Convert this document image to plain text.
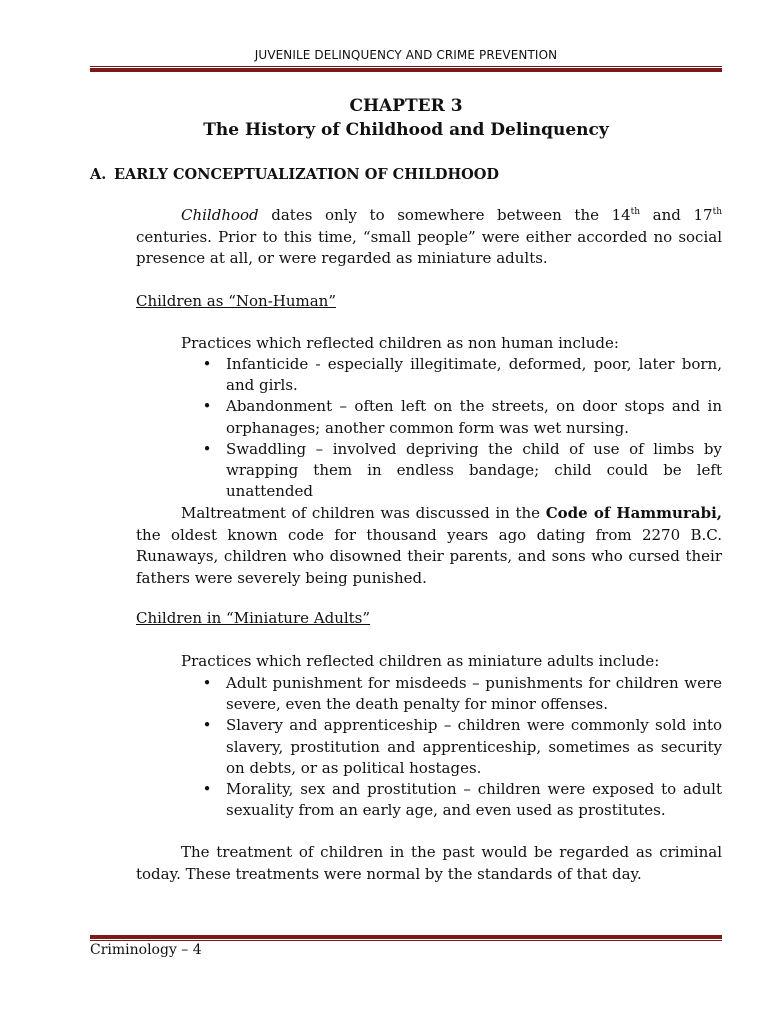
JUVENILE DELINQUENCY AND CRIME PREVENTION
CHAPTER 3
The History of Childhood and Delinquency
A. EARLY CONCEPTUALIZATION OF CHILDHOOD

Childhood dates only to somewhere between the 14th and 17th centuries. Prior to this time, “small people” were either accorded no social presence at all, or were regarded as miniature adults.

Children as “Non-Human”
Practices which reflected children as non human include:
• Infanticide - especially illegitimate, deformed, poor, later born, and girls.
• Abandonment – often left on the streets, on door stops and in orphanages; another common form was wet nursing.
• Swaddling – involved depriving the child of use of limbs by wrapping them in endless bandage; child could be left unattended

Maltreatment of children was discussed in the Code of Hammurabi, the oldest known code for thousand years ago dating from 2270 B.C. Runaways, children who disowned their parents, and sons who cursed their fathers were severely being punished.

Children in “Miniature Adults”
Practices which reflected children as miniature adults include:
• Adult punishment for misdeeds – punishments for children were severe, even the death penalty for minor offenses.
• Slavery and apprenticeship – children were commonly sold into slavery, prostitution and apprenticeship, sometimes as security on debts, or as political hostages.
• Morality, sex and prostitution – children were exposed to adult sexuality from an early age, and even used as prostitutes.

The treatment of children in the past would be regarded as criminal today. These treatments were normal by the standards of that day.

Criminology – 4
